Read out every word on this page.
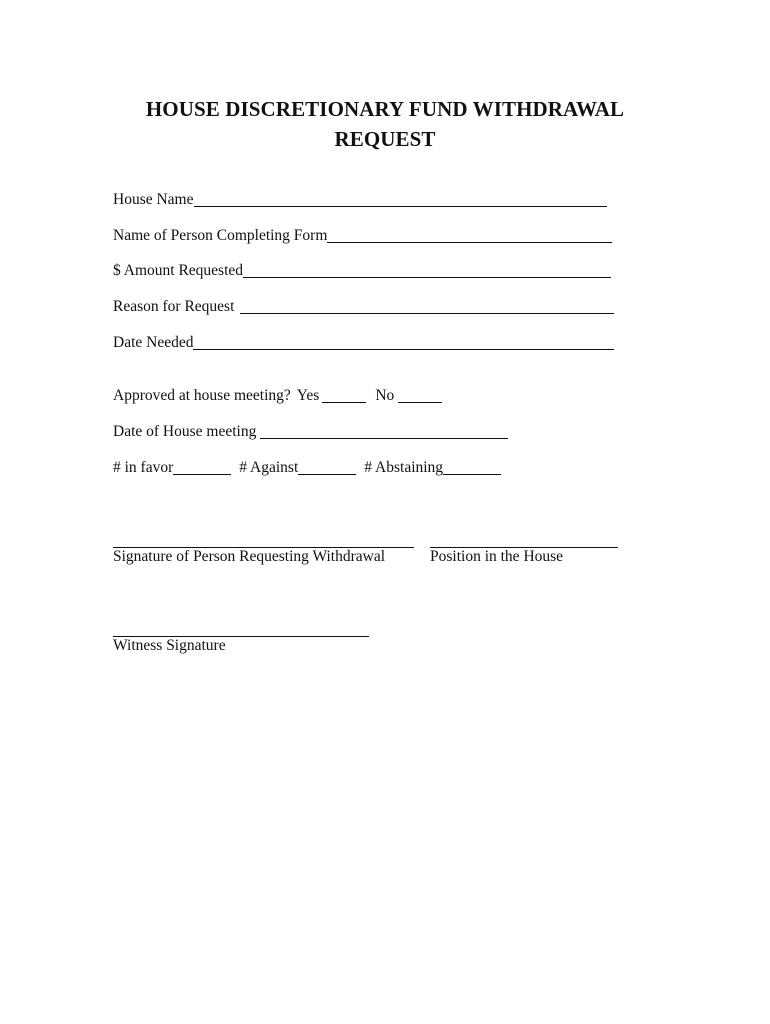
HOUSE DISCRETIONARY FUND WITHDRAWAL
REQUEST
House Name
Name of Person Completing Form
$ Amount Requested
Reason for Request
Date Needed
Approved at house meeting? Yes	No
Date of House meeting
# in favor	# Against	# Abstaining
Signature of Person Requesting Withdrawal	Position in the House
Witness Signature
